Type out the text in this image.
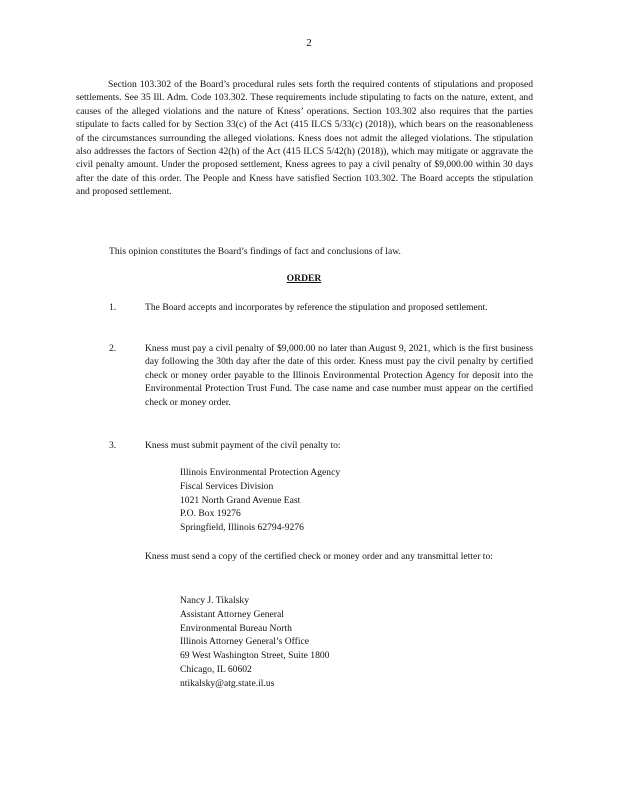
2

Section 103.302 of the Board’s procedural rules sets forth the required contents of stipulations and proposed settlements. See 35 Ill. Adm. Code 103.302. These requirements include stipulating to facts on the nature, extent, and causes of the alleged violations and the nature of Kness’ operations. Section 103.302 also requires that the parties stipulate to facts called for by Section 33(c) of the Act (415 ILCS 5/33(c) (2018)), which bears on the reasonableness of the circumstances surrounding the alleged violations. Kness does not admit the alleged violations. The stipulation also addresses the factors of Section 42(h) of the Act (415 ILCS 5/42(h) (2018)), which may mitigate or aggravate the civil penalty amount. Under the proposed settlement, Kness agrees to pay a civil penalty of $9,000.00 within 30 days after the date of this order. The People and Kness have satisfied Section 103.302. The Board accepts the stipulation and proposed settlement.

This opinion constitutes the Board’s findings of fact and conclusions of law.

ORDER
1.	The Board accepts and incorporates by reference the stipulation and proposed settlement.
2.	Kness must pay a civil penalty of $9,000.00 no later than August 9, 2021, which is the first business day following the 30th day after the date of this order. Kness must pay the civil penalty by certified check or money order payable to the Illinois Environmental Protection Agency for deposit into the Environmental Protection Trust Fund. The case name and case number must appear on the certified check or money order.
3.	Kness must submit payment of the civil penalty to:
Illinois Environmental Protection Agency
Fiscal Services Division
1021 North Grand Avenue East
P.O. Box 19276
Springfield, Illinois 62794-9276
Kness must send a copy of the certified check or money order and any transmittal letter to:
Nancy J. Tikalsky
Assistant Attorney General
Environmental Bureau North
Illinois Attorney General’s Office
69 West Washington Street, Suite 1800
Chicago, IL 60602
ntikalsky@atg.state.il.us
